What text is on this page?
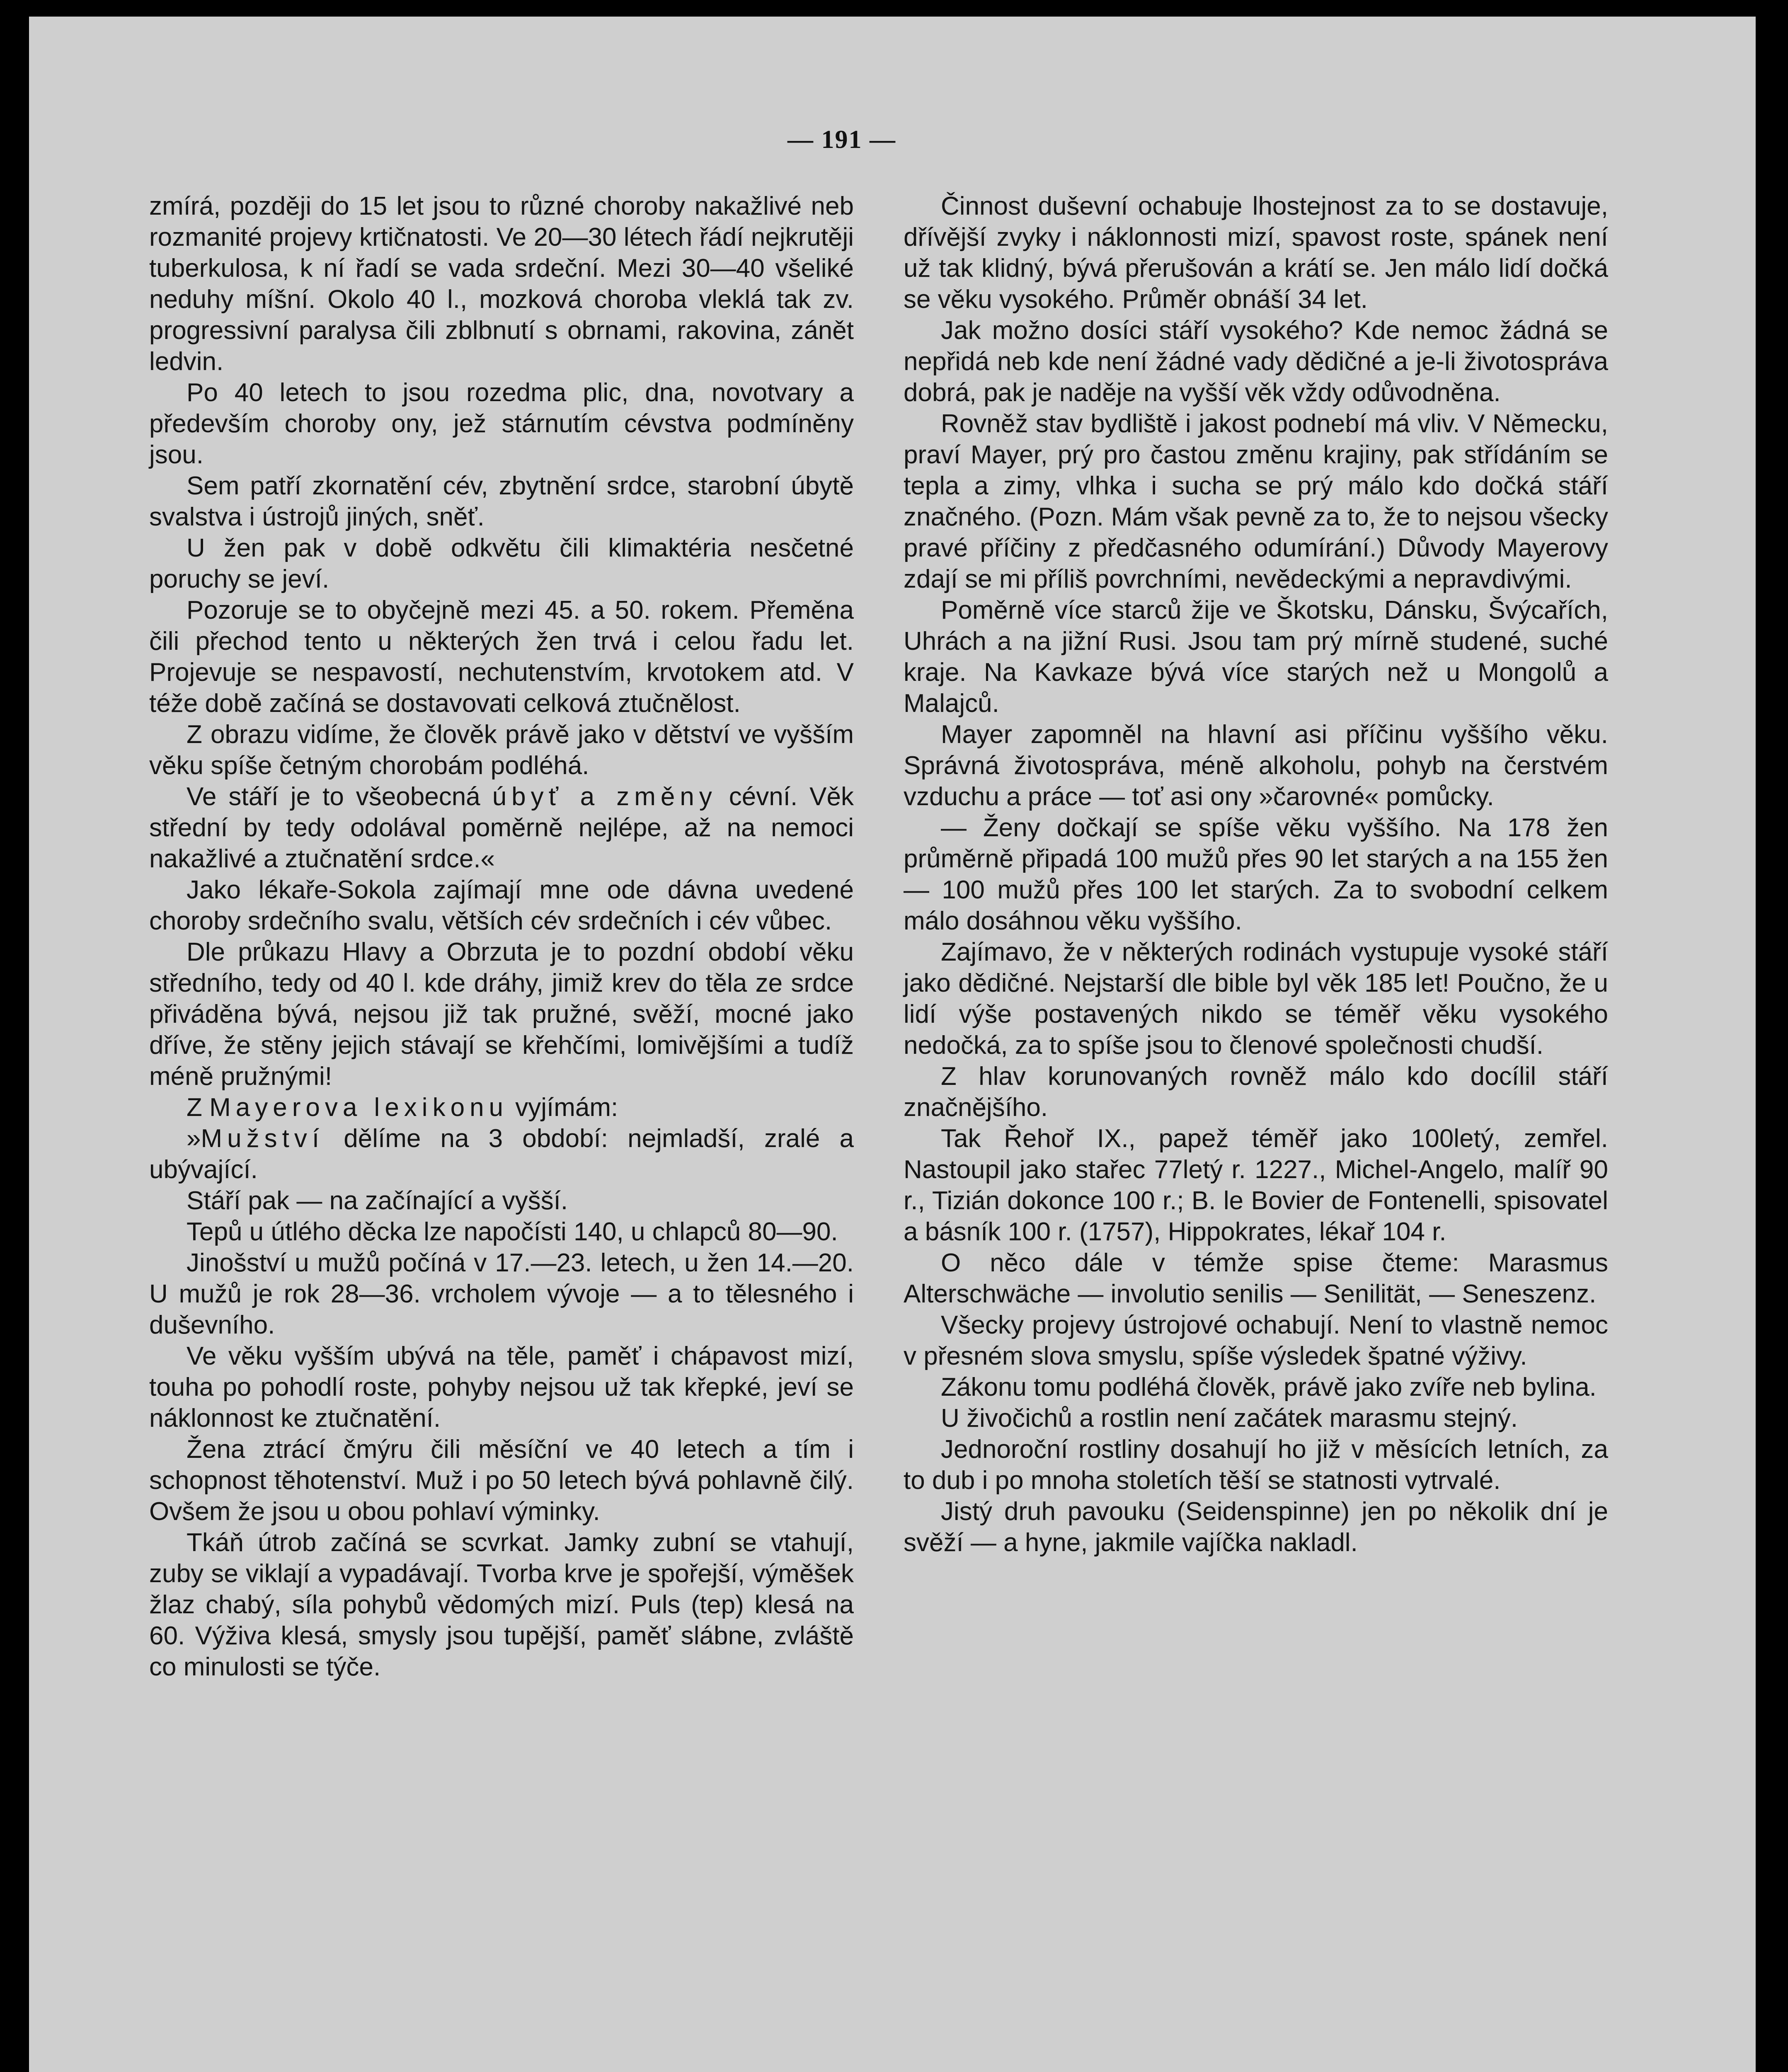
— 191 —

zmírá, později do 15 let jsou to různé choroby nakažlivé neb rozmanité projevy krtičnatosti. Ve 20—30 létech řádí nejkrutěji tuberkulosa, k ní řadí se vada srdeční. Mezi 30—40 všeliké neduhy míšní. Okolo 40 l., mozková choroba vleklá tak zv. progressivní paralysa čili zblbnutí s obrnami, rakovina, zánět ledvin.

Po 40 letech to jsou rozedma plic, dna, novotvary a především choroby ony, jež stárnutím cévstva podmíněny jsou.

Sem patří zkornatění cév, zbytnění srdce, starobní úbytě svalstva i ústrojů jiných, sněť.

U žen pak v době odkvětu čili klimaktéria nesčetné poruchy se jeví.

Pozoruje se to obyčejně mezi 45. a 50. rokem. Přeměna čili přechod tento u některých žen trvá i celou řadu let. Projevuje se nespavostí, nechutenstvím, krvotokem atd. V téže době začíná se dostavovati celková ztučnělost.

Z obrazu vidíme, že člověk právě jako v dětství ve vyšším věku spíše četným chorobám podléhá.

Ve stáří je to všeobecná úbyť a změny cévní. Věk střední by tedy odolával poměrně nejlépe, až na nemoci nakažlivé a ztučnatění srdce.«

Jako lékaře-Sokola zajímají mne ode dávna uvedené choroby srdečního svalu, větších cév srdečních i cév vůbec.

Dle průkazu Hlavy a Obrzuta je to pozdní období věku středního, tedy od 40 l. kde dráhy, jimiž krev do těla ze srdce přiváděna bývá, nejsou již tak pružné, svěží, mocné jako dříve, že stěny jejich stávají se křehčími, lomivějšími a tudíž méně pružnými!

Z Mayerova lexikonu vyjímám:

»Mužství dělíme na 3 období: nejmladší, zralé a ubývající.

Stáří pak — na začínající a vyšší.

Tepů u útlého děcka lze napočísti 140, u chlapců 80—90.

Jinošství u mužů počíná v 17.—23. letech, u žen 14.—20. U mužů je rok 28—36. vrcholem vývoje — a to tělesného i duševního.

Ve věku vyšším ubývá na těle, paměť i chápavost mizí, touha po pohodlí roste, pohyby nejsou už tak křepké, jeví se náklonnost ke ztučnatění.

Žena ztrácí čmýru čili měsíční ve 40 letech a tím i schopnost těhotenství. Muž i po 50 letech bývá pohlavně čilý. Ovšem že jsou u obou pohlaví výminky.

Tkáň útrob začíná se scvrkat. Jamky zubní se vtahují, zuby se viklají a vypadávají. Tvorba krve je spořejší, výměšek žlaz chabý, síla pohybů vědomých mizí. Puls (tep) klesá na 60. Výživa klesá, smysly jsou tupější, paměť slábne, zvláště co minulosti se týče.

Činnost duševní ochabuje lhostejnost za to se dostavuje, dřívější zvyky i náklonnosti mizí, spavost roste, spánek není už tak klidný, bývá přerušován a krátí se. Jen málo lidí dočká se věku vysokého. Průměr obnáší 34 let.

Jak možno dosíci stáří vysokého? Kde nemoc žádná se nepřidá neb kde není žádné vady dědičné a je-li životospráva dobrá, pak je naděje na vyšší věk vždy odůvodněna.

Rovněž stav bydliště i jakost podnebí má vliv. V Německu, praví Mayer, prý pro častou změnu krajiny, pak střídáním se tepla a zimy, vlhka i sucha se prý málo kdo dočká stáří značného. (Pozn. Mám však pevně za to, že to nejsou všecky pravé příčiny z předčasného odumírání.) Důvody Mayerovy zdají se mi příliš povrchními, nevědeckými a nepravdivými.

Poměrně více starců žije ve Škotsku, Dánsku, Švýcařích, Uhrách a na jižní Rusi. Jsou tam prý mírně studené, suché kraje. Na Kavkaze bývá více starých než u Mongolů a Malajců.

Mayer zapomněl na hlavní asi příčinu vyššího věku. Správná životospráva, méně alkoholu, pohyb na čerstvém vzduchu a práce — toť asi ony »čarovné« pomůcky.

— Ženy dočkají se spíše věku vyššího. Na 178 žen průměrně připadá 100 mužů přes 90 let starých a na 155 žen — 100 mužů přes 100 let starých. Za to svobodní celkem málo dosáhnou věku vyššího.

Zajímavo, že v některých rodinách vystupuje vysoké stáří jako dědičné. Nejstarší dle bible byl věk 185 let! Poučno, že u lidí výše postavených nikdo se téměř věku vysokého nedočká, za to spíše jsou to členové společnosti chudší.

Z hlav korunovaných rovněž málo kdo docílil stáří značnějšího.

Tak Řehoř IX., papež téměř jako 100letý, zemřel. Nastoupil jako stařec 77letý r. 1227., Michel-Angelo, malíř 90 r., Tizián dokonce 100 r.; B. le Bovier de Fontenelli, spisovatel a básník 100 r. (1757), Hippokrates, lékař 104 r.

O něco dále v témže spise čteme: Marasmus Alterschwäche — involutio senilis — Senilität, — Seneszenz.

Všecky projevy ústrojové ochabují. Není to vlastně nemoc v přesném slova smyslu, spíše výsledek špatné výživy.

Zákonu tomu podléhá člověk, právě jako zvíře neb bylina.

U živočichů a rostlin není začátek marasmu stejný.

Jednoroční rostliny dosahují ho již v měsících letních, za to dub i po mnoha stoletích těší se statnosti vytrvalé.

Jistý druh pavouku (Seidenspinne) jen po několik dní je svěží — a hyne, jakmile vajíčka nakladl.
